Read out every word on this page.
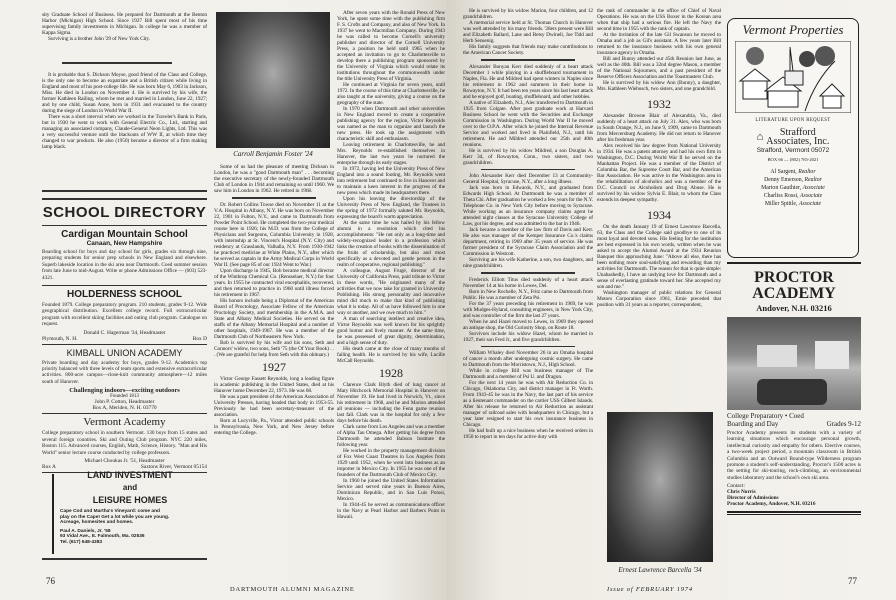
sity Graduate School of Business. He prepared for Dartmouth at the Benton Harbor (Michigan) High School. Since 1927 Bill spent most of his time supervising family investments in Michigan. In college he was a member of Kappa Sigma.

Surviving is a brother John '29 of New York City.

It is probable that S. Dickson Moyse, good friend of the Class and College, is the only one to become an expatriate and a British citizen while living in England and most of his post-college life. He was born May 6, 1903 in Jackson, Miss. He died in London on November 4. He is survived by his wife, the former Kathleen Railing, whom he met and married in London, June 22, 1927; and by one child, Susan Anne, born in 1931 and evacuated to the country during the siege of London in World War II.

There was a short interval when we worked in the Traveler's Bank in Paris, but in 1930 he went to work with General Electric Co., Ltd., starting and managing an associated company, Claude-General Neon Lights, Ltd. This was a very successful venture until the blackouts of WW II, at which time they changed to war products. He also (1950) became a director of a firm making lamp black.

SCHOOL DIRECTORY
Cardigan Mountain School
Canaan, New Hampshire
Boarding school for boys and day school for girls, grades six through nine, preparing students for senior prep schools in New England and elsewhere. Superb lakeside location in the ski area near Dartmouth. Coed summer session from late June to mid-August. Write or phone Admissions Office — (603) 523-4321.
HOLDERNESS SCHOOL
Founded 1879. College preparatory program. 210 students, grades 9-12. Wide geographical distribution. Excellent college record. Full extracurricular program with excellent skiing facilities and outing club program. Catalogue on request.
Donald C. Hagerman '34, Headmaster
Plymouth, N. H.	Box D
KIMBALL UNION ACADEMY
Private boarding and day academy for boys, grades 9-12. Academics top priority balanced with three levels of team sports and extensive extracurricular activities. 800-acre campus—close-knit community atmosphere—12 miles south of Hanover.
Challenging indoors—exciting outdoors
Founded 1813
John P. Cotton, Headmaster
Box A, Meriden, N. H. 03770
Vermont Academy
College preparatory school in southern Vermont. 130 boys from 15 states and several foreign countries. Ski and Outing Club program. NYC 220 miles, Boston 115. Advanced courses, English, Math, Science, History. "Man and His World" senior lecture course conducted by college professors.
Michael Choukas Jr. '51, Headmaster
Box A	Saxtons River, Vermont 05154
LAND INVESTMENT
and
LEISURE HOMES
Cape Cod and Martha's Vineyard: come and play on the Cape! Get a lot while you are young. Acreage, homesites and homes.
Paul A. Daniels, Jr. '58
93 Vidal Ave., E. Falmouth, Ma. 02536
Tel. (617) 548-4383
76
Carroll Benjamin Foster '24

Some of us had the pleasure of meeting Dickson in London, he was a "good Dartmouth man" . . . becoming the executive secretary of the newly-founded Dartmouth Club of London in 1944 and remaining so until 1960. We saw him in London in 1962. He retired in 1968.

Dr. Robert Collins Towse died on November 11 at the V.A. Hospital in Albany, N.Y. He was born on November 22, 1901 in Fulton, N.Y., and came to Dartmouth from Powder Point School. He completed the two-year medical course here in 1926; his M.D. was from the College of Physicians and Surgeons, Columbia University in 1928, with internship at St. Vincent's Hospital (N.Y. City) and residency at Grasslands, Valhalla, N.Y. From 1930-1942 he practiced medicine at White Plains, N.Y., after which he served as captain in the Army Medical Corps in World War II. (See page 85 of our 1924 Went to War.)

Upon discharge in 1945, Bob became medical director of the Winthrop Chemical Co. (Rensselaer, N.Y.) for four years. In 1955 he contracted viral encephalitis, recovered, and then returned to practice in 1960 until illness forced his retirement in 1967.

His honors include being a Diplomat of the American Board of Proctology, Associate Fellow of the American Proctology Society, and membership in the A.M.A. and State and Albany Medical Societies. He served on the staffs of the Albany Memorial Hospital and a number of other hospitals, 1949-1967. He was a member of the Dartmouth Club of Northeastern New York.

Bob is survived by his wife and his sons, Seth and Connors' widow, two sons, Seth '75 (the Of Your Book) . . . (We are grateful for help from Seth with this obituary.)

1927

Victor George Fassett Reynolds, long a leading figure in academic publishing in the United States, died at his Hanover home December 22, 1973. He was 68.

He was a past president of the American Association of University Presses, having headed that body in 1953-55. Previously he had been secretary-treasurer of the association.

Born at Lucyville, Pa., Victor attended public schools in Pennsylvania, New York, and New Jersey before entering the College.

After seven years with the Ronald Press of New York, he spent some time with the publishing firm F. S. Crofts and Company, and also of New York. In 1937 he went to Macmillan Company. During 1943 he was called to become Cornell's university publisher and director of the Cornell University Press, a position he held until 1965 when he accepted an invitation to go to Charlottesville to develop there a publishing program sponsored by the University of Virginia which would relate its institutions throughout the commonwealth under the title University Press of Virginia.

He continued at Virginia for seven years, until 1972. In the course of this time at Charlottesville, he also taught at the university, giving a course on the geography of the state.

In 1970 when Dartmouth and other universities in New England moved to create a cooperative publishing agency for the region, Victor Reynolds was named as the man to organize and launch the new press. He took up the assignment with characteristic skill and enthusiasm.

Leaving retirement in Charlottesville, he and Mrs. Reynolds re-established themselves in Hanover, the last two years he nurtured the enterprise through its early stages.

In 1972, having led the University Press of New England into a sound footing, Mr. Reynolds went into retirement but continued to live in Hanover and to maintain a keen interest in the progress of the new press which made its headquarters there.

Upon his leaving the directorship of the University Press of New England, the Trustees in the spring of 1972 formally saluted Mr. Reynolds, expressing the board's warm appreciation.

At the same time he was hailed by his fellow alumni in a resolution which cited his accomplishments: "He not only as a long-time and widely-recognized leader in a profession which links the creation of books with the dissemination of the fruits of scholarship, but also and most specifically as a devoted and gentle person in the realm of cooperative, regional publishing."

A colleague, August Frugé, director of the University of California Press, paid tribute to Victor in these words, "He originated many of the activities that we now take for granted in University Publishing. His strong personality and innovative mind did much to make that kind of publishing what it is today. All of us have followed him in one way or another, and we owe much to him."

A man of searching intellect and creative idea, Victor Reynolds was well known for his sprightly good humor and lively manner. At the same time, he was possessed of great dignity, determination, and a high sense of duty.

His death came at the close of many months of failing health. He is survived by his wife, Lucille McCall Reynolds.

1928

Clarence Clark Blyth died of lung cancer at Mary Hitchcock Memorial Hospital in Hanover on November 19. He had lived in Norwich, Vt., since his retirement in 1968, and he and Marion attended all reunions — including the Fenn game reunion last fall. Clark was in the hospital for only a few days before his death.

Clark came from Los Angeles and was a member of Alpha Tau Omega. After getting his degree from Dartmouth he attended Babson Institute the following year.

He worked in the property management division of Fox West Coast Theatres in Los Angeles from 1929 until 1952, when he went into business as an importer in Mexico City. In 1955 he was one of the founders of the Dartmouth Club of Mexico City.

In 1960 he joined the United States Information Service and served nine years in Buenos Aires, Dominican Republic, and in San Luis Potosi, Mexico.

In 1944-45 he served as communications officer in the Navy at Pearl Harbor and Barbers Point in Hawaii.

DARTMOUTH ALUMNI MAGAZINE

He is survived by his widow Marion, four children, and 12 grandchildren.

A memorial service held at St. Thomas Church in Hanover was well attended by his many friends. '28ers present were Bill and Elizabeth Ballard, Lane and Betsy Dwinell, Joe Tidd and Herb Sensenig.

His family suggests that friends may make contributions to the American Cancer Society.

Alexander Bunyan Kerr died suddenly of a heart attack December 1 while playing in a shuffleboard tournament in Naples, Fla. He and Mildred had spent winters in Naples since his retirement in 1962 and summers in their home in Rowayton, N.Y. It had been ten years since his last heart attack and he enjoyed golf, boating, shuffleboard, and other hobbies.

A native of Elizabeth, N.J., Alec transferred to Dartmouth in 1925 from Colgate. After post graduate work at Harvard Business School he went with the Securities and Exchange Commission in Washington. During World War II he moved over to the O.P.A. After which he joined the Internal Revenue Service and worked and lived in Plainfield, N.J., until his retirement. He and Mildred attended our 25th and 40th reunions.

He is survived by his widow Mildred, a son Douglas A. Kerr 3d, of Rowayton, Conn., two sisters, and two grandchildren.

John Alexander Kerr died December 13 at Community-General Hospital, Syracuse, N.Y., after a long illness.

Jack was born in Edwards, N.Y., and graduated from Edwards High School. At Dartmouth he was a member of Theta Chi. After graduation he worked a few years for the N.Y. Telephone Co. in New York City before moving to Syracuse. While working as an insurance company claims agent he attended night classes at the Syracuse University College of Law, got his degree, and was admitted to the bar in 1946.

Jack became a member of the law firm of Davis and Kerr. He also was manager of the Kemper Insurance Co.'s claims department, retiring in 1969 after 35 years of service. He was former president of the Syracuse Claim Association and the Commission in Westcott.

Surviving are his wife Katherine, a son, two daughters, and nine grandchildren.

Frederick Elliott Titus died suddenly of a heart attack November 14 at his home in Lewes, Del.

Born in New Rochelle, N.Y., Fritz came to Dartmouth from Public. He was a member of Zeta Psi.

For the 37 years preceding his retirement in 1969, he was with Mudges-Hyland, consulting engineers, in New York City, and was controller of the firm the last 27 years.

When he and Hazel moved to Lewes, in 1969 they opened an antique shop, the Old Curiosity Shop, on Route 18.

Survivors include his widow Hazel, whom he married in 1927, their son Fred Jr., and five grandchildren.

William Whaley died November 26 in an Omaha hospital of cancer a month after undergoing cosmic surgery. He came to Dartmouth from the Morristown, N.J., High School.

While in college Bill was business manager of The Dartmouth and a member of Psi U. and Dragon.

For the next 14 years he was with Air Reduction Co. in Chicago, Oklahoma City, and district manager in Ft. Worth. From 1943-45 he was in the Navy, the last part of his service as a lieutenant commander on the carrier USS Gilbert Islands. After his release he returned to Air Reduction as assistant manager of railroad sales with headquarters in Chicago, but a year later resigned to start his own insurance business in Chicago.

He had built up a nice business when he received orders in 1950 to report in ten days for active duty with

Issue of FEBRUARY 1974

the rank of commander in the office of Chief of Naval Operations. He was on the USS Boxer in the Korean area when that ship had a serious fire. He left the Navy the second time in 1955 with the rank of captain.

At the invitation of the late Gil Swanson he moved to Omaha and a job as Gil's assistant. A few years later Bill returned to the insurance business with his own general insurance agency in Omaha.

Bill and Bunny attended our 45th Reunion last June, as well as the 40th. Bill was a 32nd degree Mason, a member of the National Sojourners, and a past president of the Reserve Officers Association and the Toastmasters Club.

He is survived by his widow Ann (Bunny), a daughter, Mrs. Kathleen Wiebusch, two sisters, and one grandchild.

1932

Alexander Browne Blair of Alexandria, Va., died suddenly of a heart attack on July 31. Alex, who was born in South Orange, N.J., on June 9, 1909, came to Dartmouth from Mercersburg Academy. He did not return to Hanover after his freshman year.

Alex received his law degree from National University in 1934. He was a patent attorney and had his own firm in Washington, D.C. During World War II he served on the Manhattan Project. He was a member of the District of Columbia Bar, the Supreme Court Bar, and the American Bar Association. He was active in the Washington area in the rehabilitation of alcoholics and was a member of the D.C. Council on Alcoholism and Drug Abuse. He is survived by his widow Sylvia E. Blair, to whom the Class extends its deepest sympathy.

1934

On the death January 19 of Ernest Lawrence Barcella, 63, the Class and the College said goodbye to one of its most loyal and devoted sons. His feeling for the institution are best expressed in his own words, written when he was asked to accept the Alumni Award at the 1934 Reunion Banquet this approaching June: "Above all else, there has been nothing more soul-satisfying and rewarding than my activities for Dartmouth. The reason for that is quite simple: Unabashedly, I have an undying love for Dartmouth and a sense of everlasting gratitude toward her. She accepted my son and me."

Washington manager of public relations for General Motors Corporation since 1961, Ernie preceded that position with 31 years as a reporter, correspondent,

Ernest Lawrence Barcella '34
Vermont Properties
LITERATURE UPON REQUEST
⌂	Strafford
Associates, Inc.
Strafford, Vermont 05072
BOX 66 — (802) 765-2021
Al Sargent, Realtor
Denny Emerson, Realtor
Marion Gauthier, Associate
Charliss Rossi, Associate
Miller Spittle, Associate
PROCTOR ACADEMY
Andover, N.H. 03216
College Preparatory • Coed
Boarding and Day	Grades 9-12
Proctor Academy presents its students with a variety of learning situations which encourage personal growth, intellectual curiosity and empathy for others. Elective courses, a two-week project period, a mountain classroom in British Columbia and an Outward Bound-type Wilderness program promote a student's self-understanding. Proctor's 1500 acres is the setting for ski-touring, rock-climbing, an environmental studies laboratory and the school's own ski area.
Contact:
Chris Norris
Director of Admissions
Proctor Academy, Andover, N.H. 03216
77
